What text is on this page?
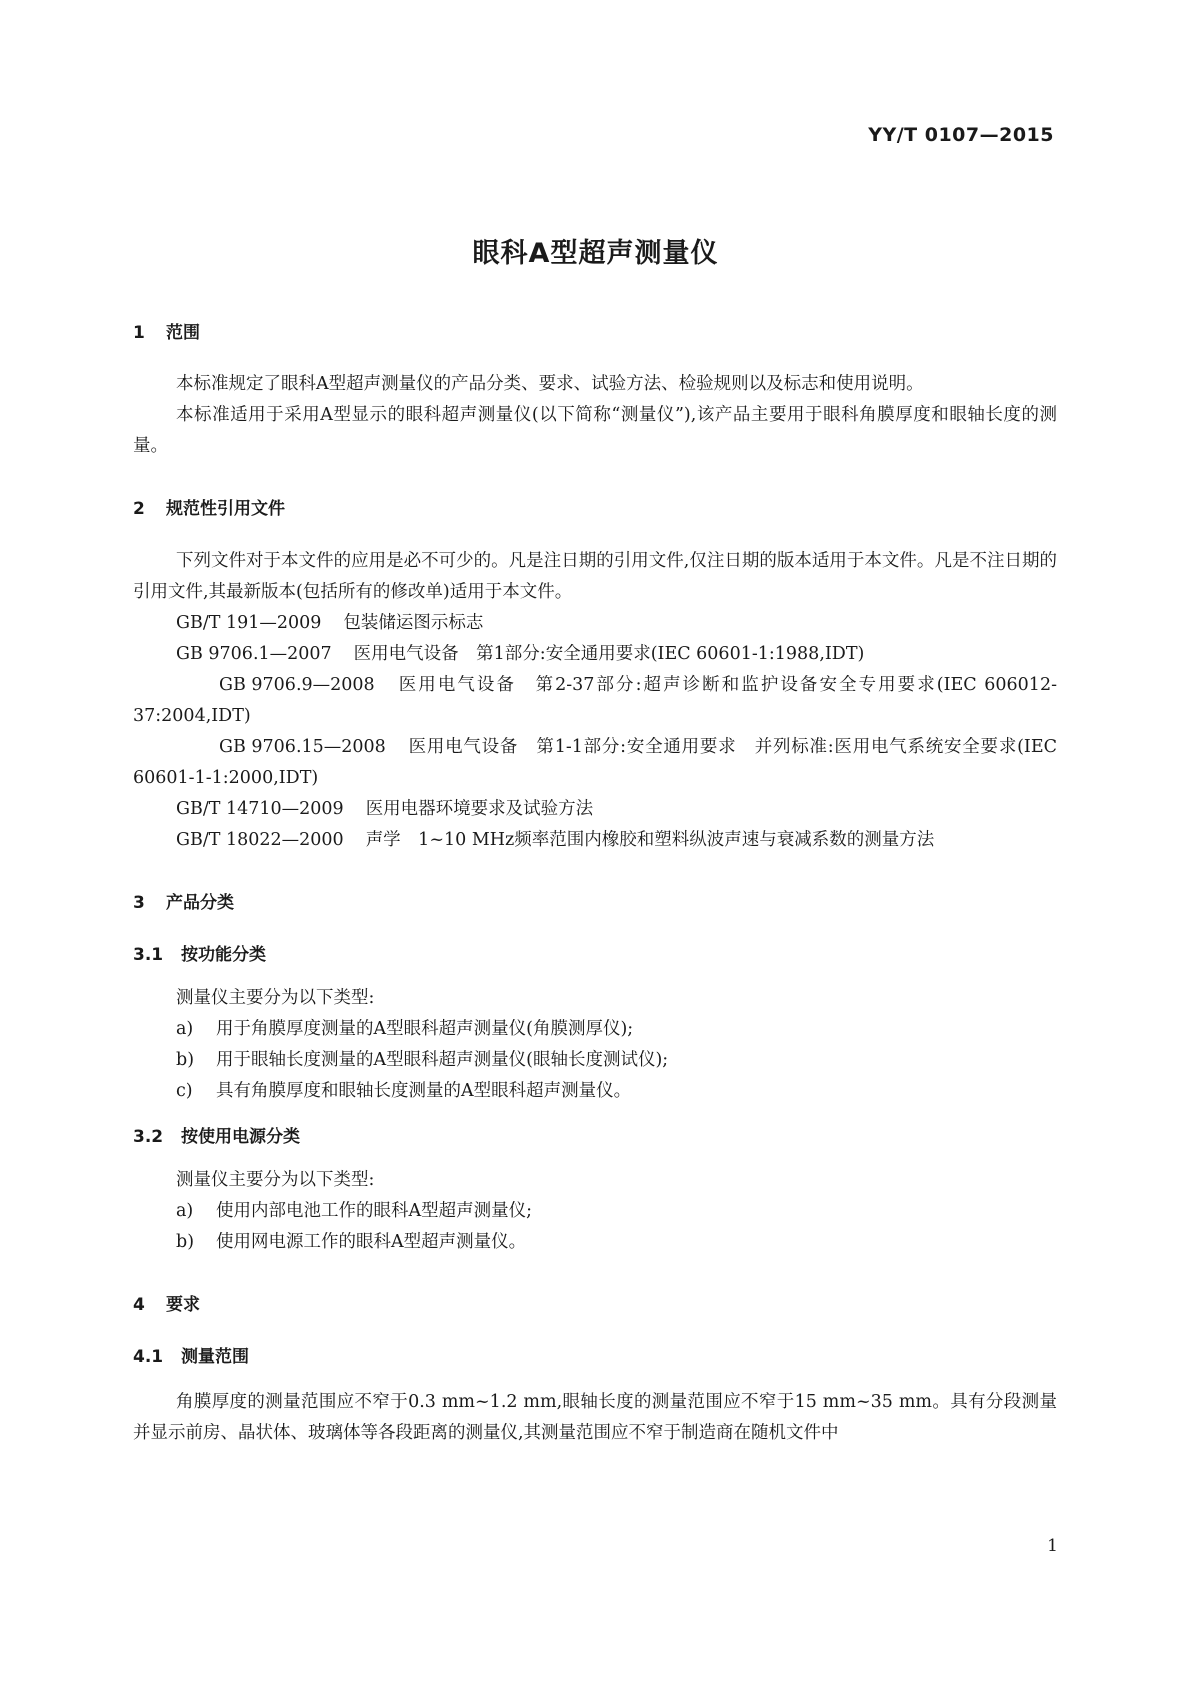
YY/T 0107—2015
眼科A型超声测量仪
1 范围
本标准规定了眼科A型超声测量仪的产品分类、要求、试验方法、检验规则以及标志和使用说明。
本标准适用于采用A型显示的眼科超声测量仪(以下简称“测量仪”),该产品主要用于眼科角膜厚度和眼轴长度的测量。
2 规范性引用文件
下列文件对于本文件的应用是必不可少的。凡是注日期的引用文件,仅注日期的版本适用于本文件。凡是不注日期的引用文件,其最新版本(包括所有的修改单)适用于本文件。
GB/T 191—2009 包装储运图示标志
GB 9706.1—2007 医用电气设备　第1部分:安全通用要求(IEC 60601-1:1988,IDT)
GB 9706.9—2008 医用电气设备　第2-37部分:超声诊断和监护设备安全专用要求(IEC 606012-37:2004,IDT)
GB 9706.15—2008 医用电气设备　第1-1部分:安全通用要求　并列标准:医用电气系统安全要求(IEC 60601-1-1:2000,IDT)
GB/T 14710—2009 医用电器环境要求及试验方法
GB/T 18022—2000 声学　1~10 MHz频率范围内橡胶和塑料纵波声速与衰减系数的测量方法
3 产品分类
3.1 按功能分类
测量仪主要分为以下类型:
a) 用于角膜厚度测量的A型眼科超声测量仪(角膜测厚仪);
b) 用于眼轴长度测量的A型眼科超声测量仪(眼轴长度测试仪);
c) 具有角膜厚度和眼轴长度测量的A型眼科超声测量仪。
3.2 按使用电源分类
测量仪主要分为以下类型:
a) 使用内部电池工作的眼科A型超声测量仪;
b) 使用网电源工作的眼科A型超声测量仪。
4 要求
4.1 测量范围
角膜厚度的测量范围应不窄于0.3 mm~1.2 mm,眼轴长度的测量范围应不窄于15 mm~35 mm。具有分段测量并显示前房、晶状体、玻璃体等各段距离的测量仪,其测量范围应不窄于制造商在随机文件中
1
